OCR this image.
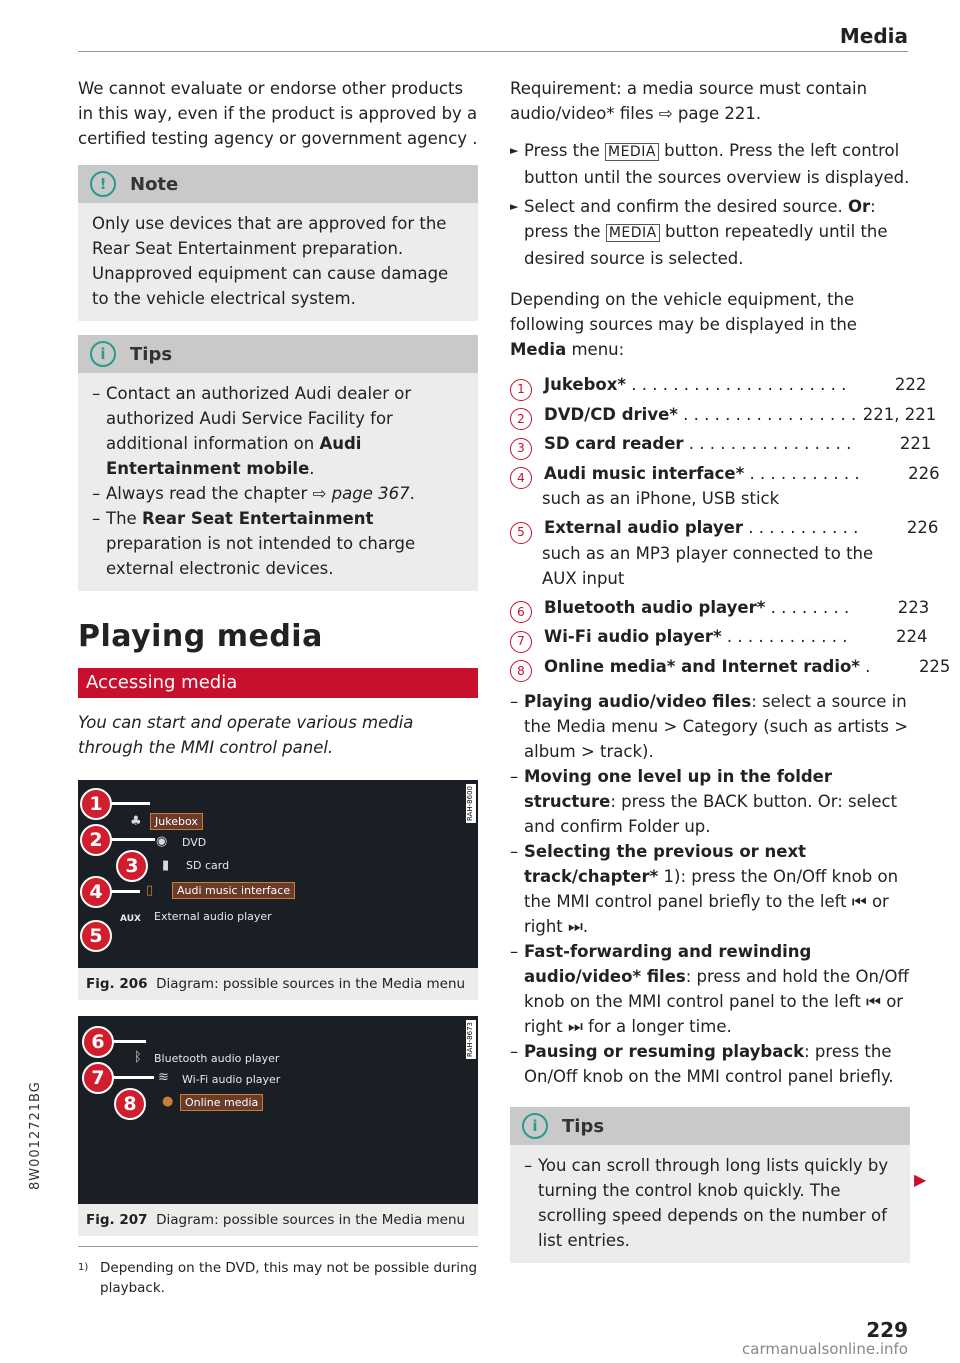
Media

We cannot evaluate or endorse other products in this way, even if the product is approved by a certified testing agency or government agency .

!	Note
Only use devices that are approved for the Rear Seat Entertainment preparation. Unapproved equipment can cause damage to the vehicle electrical system.
i	Tips
– Contact an authorized Audi dealer or authorized Audi Service Facility for additional information on Audi Entertainment mobile.
– Always read the chapter ⇨ page 367.
– The Rear Seat Entertainment preparation is not intended to charge external electronic devices.
Playing media
Accessing media

You can start and operate various media through the MMI control panel.

RAH-8600
1
2
3
4
5
♣	Jukebox
◉ DVD
▮ SD card
▯	Audi music interface
AUX External audio player
Fig. 206 Diagram: possible sources in the Media menu
RAH-8673
6
7
8
ᛒ Bluetooth audio player
≋ Wi-Fi audio player
●	Online media
Fig. 207 Diagram: possible sources in the Media menu

Requirement: a media source must contain audio/video* files ⇨ page 221.

► Press the MEDIA button. Press the left control button until the sources overview is displayed.
► Select and confirm the desired source. Or: press the MEDIA button repeatedly until the desired source is selected.

Depending on the vehicle equipment, the following sources may be displayed in the Media menu:

1	Jukebox* . . . . . . . . . . . . . . . . . . . . .	222
2	DVD/CD drive* . . . . . . . . . . . . . . . . . 221, 221
3	SD card reader . . . . . . . . . . . . . . . .	221
4	Audi music interface* . . . . . . . . . . .	226
such as an iPhone, USB stick
5	External audio player . . . . . . . . . . .	226
such as an MP3 player connected to the AUX input
6	Bluetooth audio player* . . . . . . . .	223
7	Wi-Fi audio player* . . . . . . . . . . . .	224
8	Online media* and Internet radio* .	225
– Playing audio/video files: select a source in the Media menu > Category (such as artists > album > track).
– Moving one level up in the folder structure: press the BACK button. Or: select and confirm Folder up.
– Selecting the previous or next track/chapter* 1): press the On/Off knob on the MMI control panel briefly to the left ⏮ or right ⏭.
– Fast-forwarding and rewinding audio/video* files: press and hold the On/Off knob on the MMI control panel to the left ⏮ or right ⏭ for a longer time.
– Pausing or resuming playback: press the On/Off knob on the MMI control panel briefly.
i	Tips
– You can scroll through long lists quickly by turning the control knob quickly. The scrolling speed depends on the number of list entries.
▶
1) Depending on the DVD, this may not be possible during playback.
8W0012721BG
229
carmanualsonline.info
